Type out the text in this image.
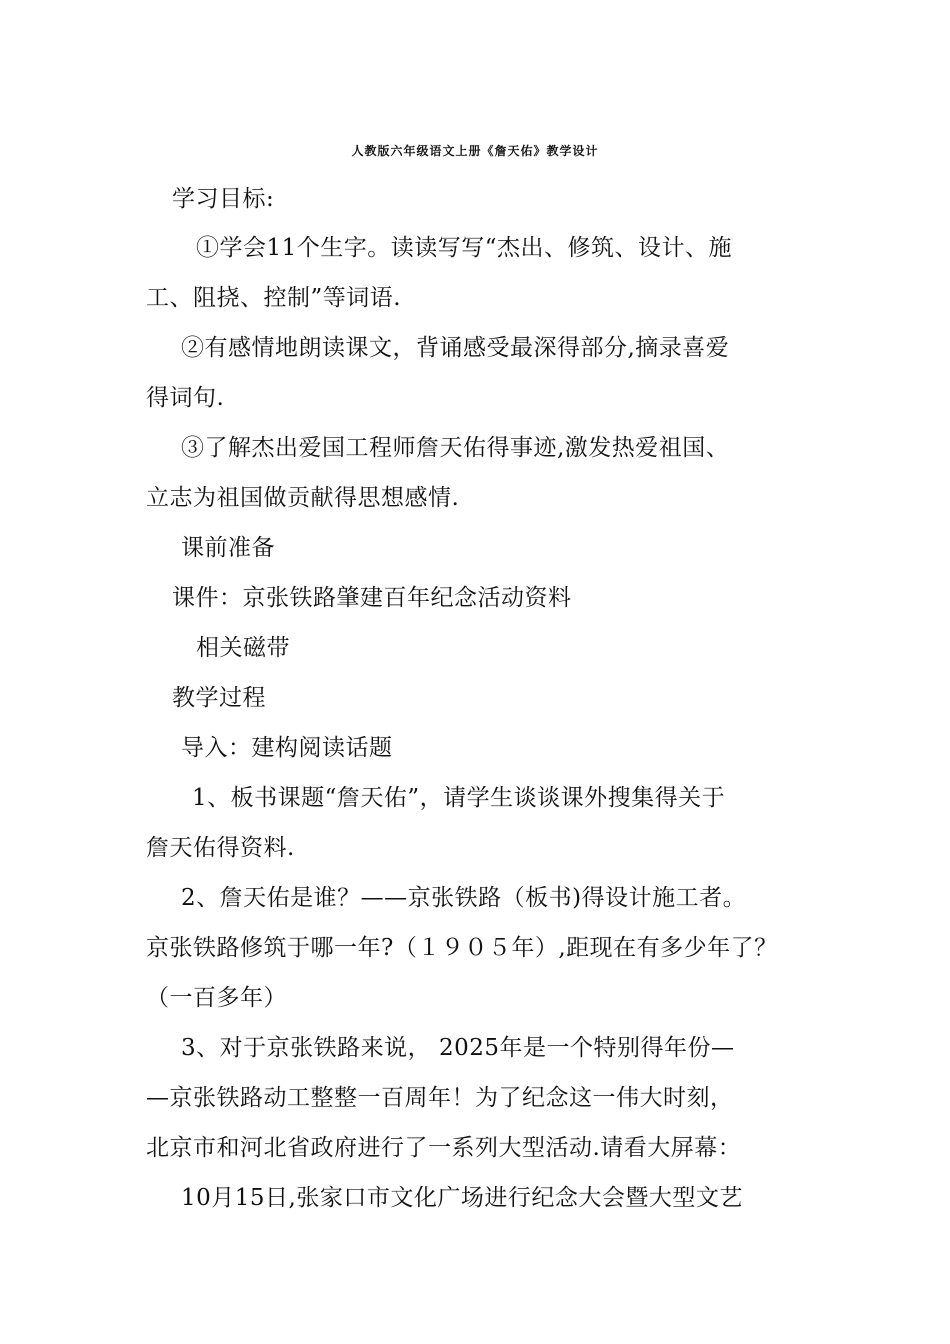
人教版六年级语文上册《詹天佑》教学设计
学习目标:
①学会11个生字。读读写写“杰出、修筑、设计、施
工、阻挠、控制”等词语.
②有感情地朗读课文，背诵感受最深得部分,摘录喜爱
得词句.
③了解杰出爱国工程师詹天佑得事迹,激发热爱祖国、
立志为祖国做贡献得思想感情.
课前准备
课件：京张铁路肇建百年纪念活动资料
相关磁带
教学过程
导入：建构阅读话题
1、板书课题“詹天佑”，请学生谈谈课外搜集得关于
詹天佑得资料.
2、詹天佑是谁？——京张铁路（板书)得设计施工者。
京张铁路修筑于哪一年?（１９０５年）,距现在有多少年了？
（一百多年）
3、对于京张铁路来说， 2025年是一个特别得年份—
—京张铁路动工整整一百周年！为了纪念这一伟大时刻，
北京市和河北省政府进行了一系列大型活动.请看大屏幕：
10月15日,张家口市文化广场进行纪念大会暨大型文艺
